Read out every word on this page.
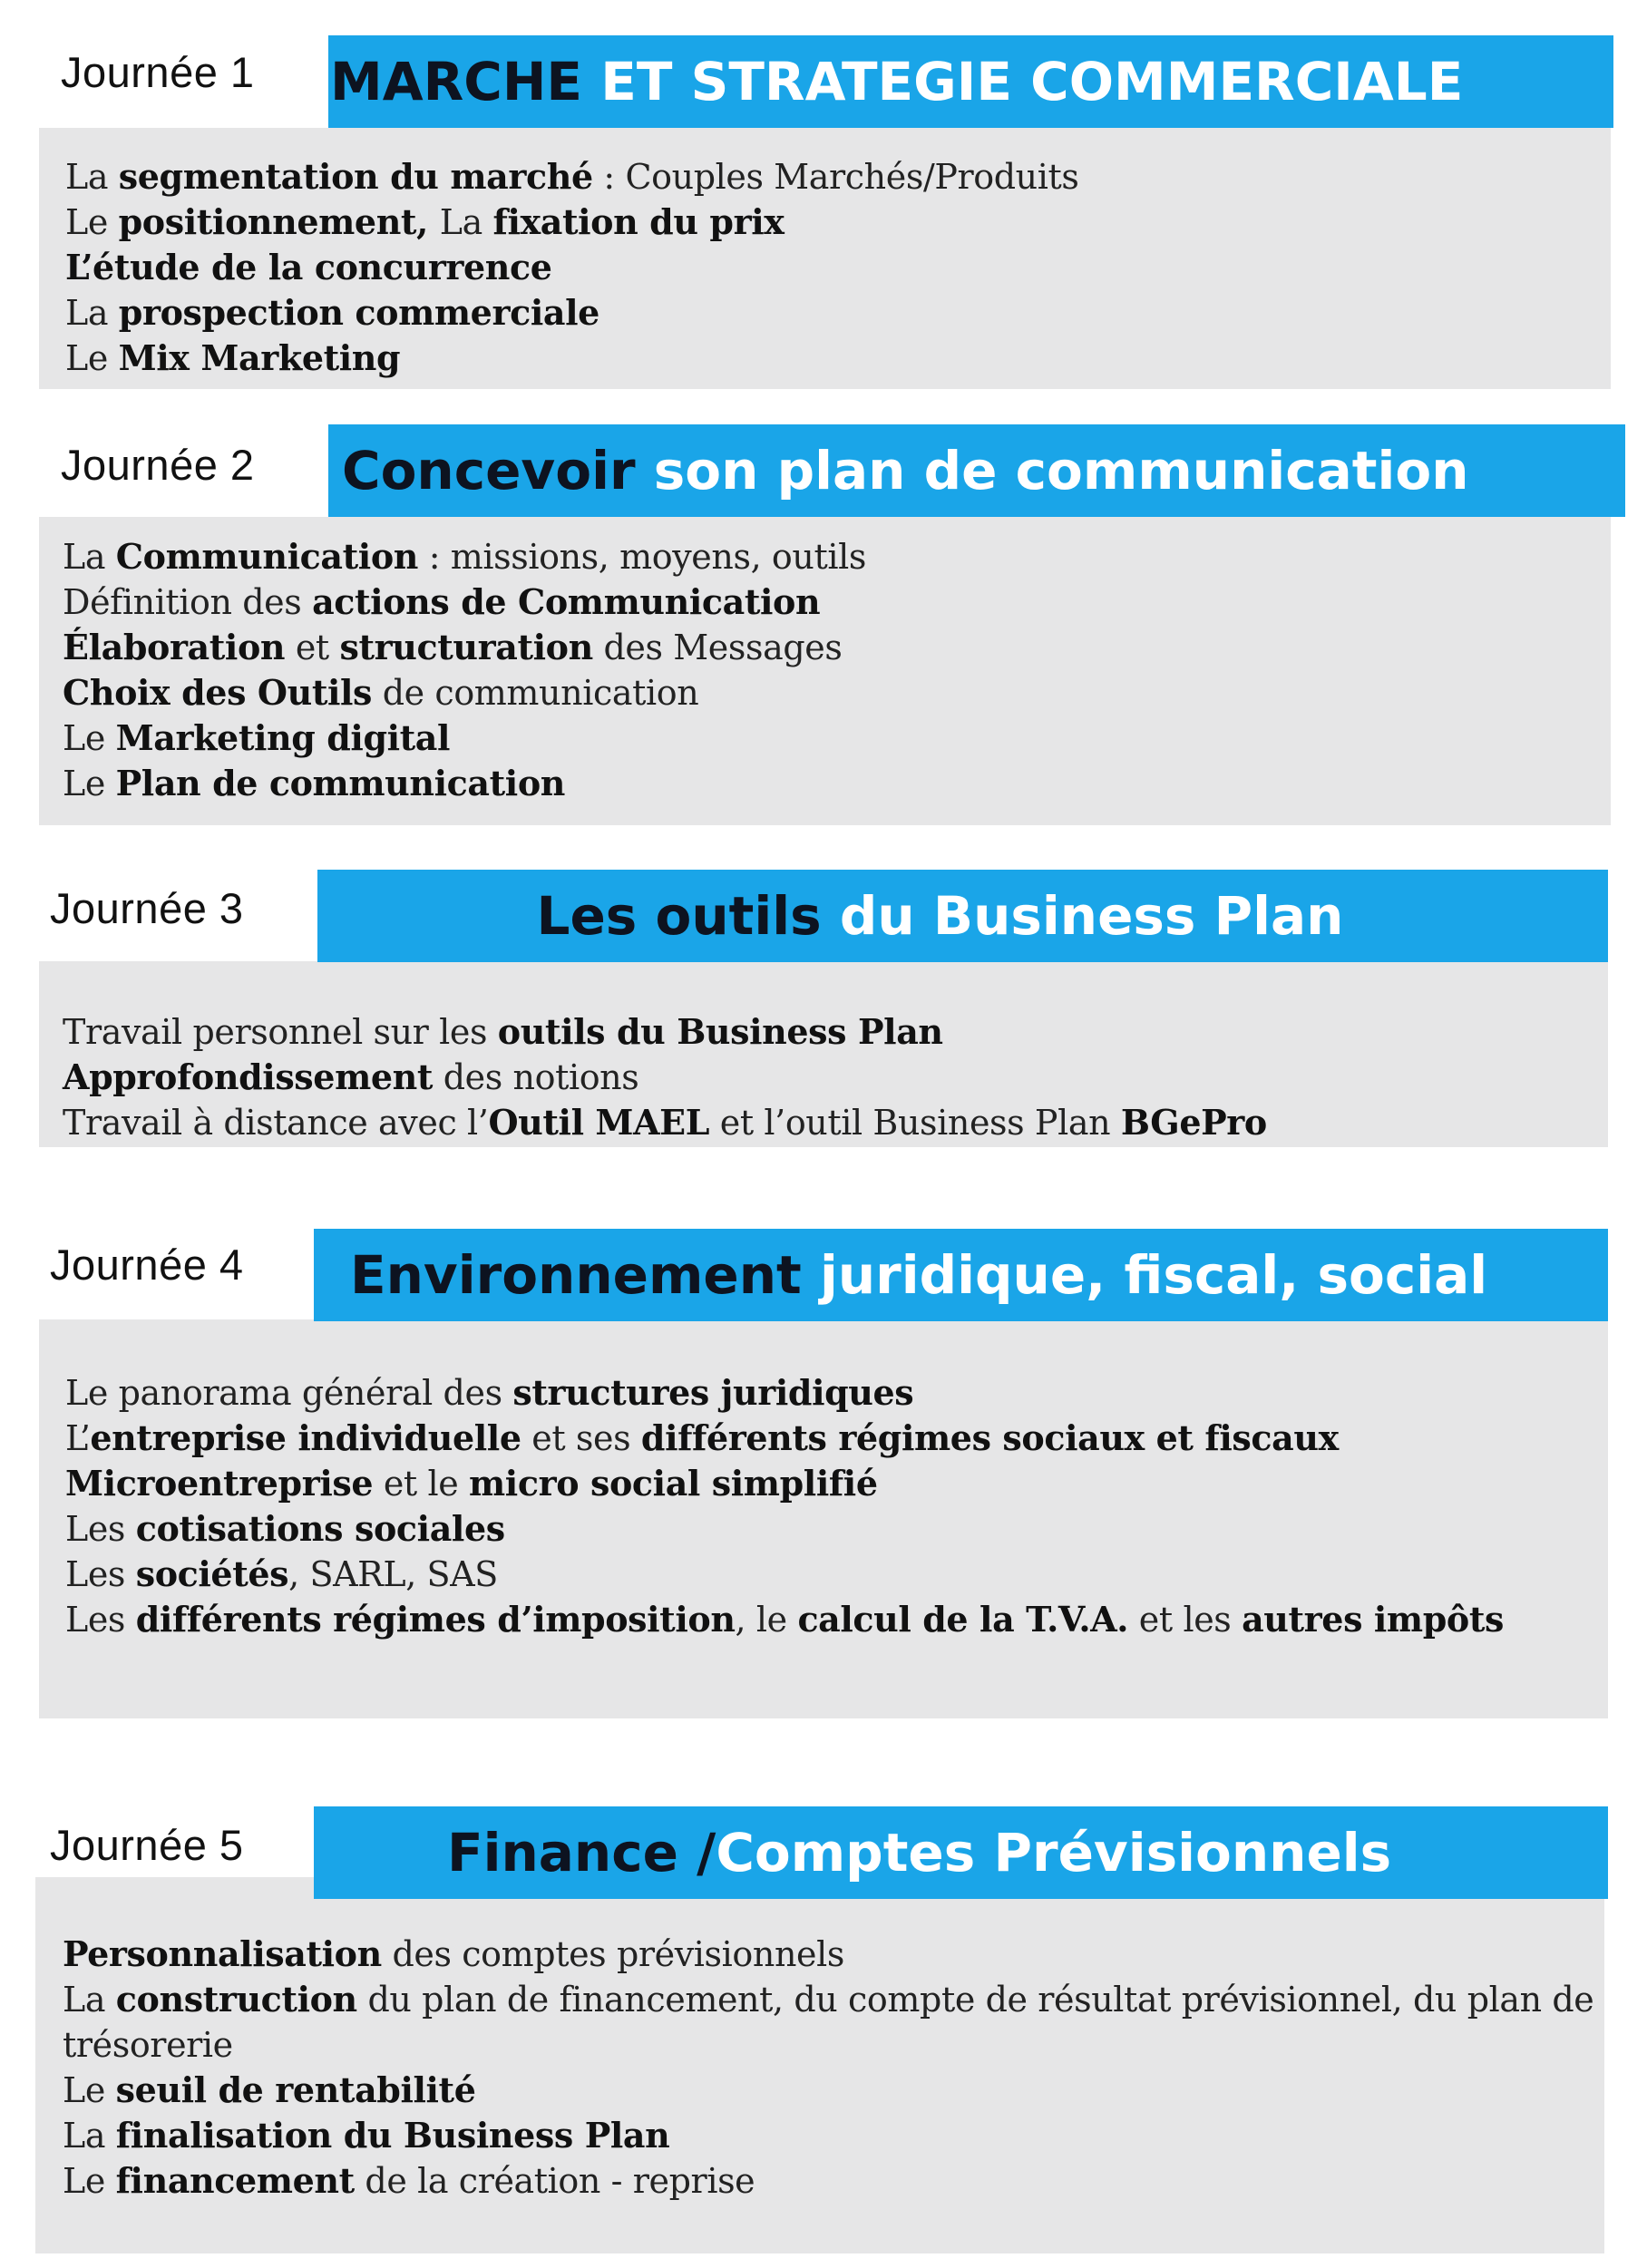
Journée 1 MARCHE ET STRATEGIE COMMERCIALE
La segmentation du marché : Couples Marchés/Produits
Le positionnement, La fixation du prix
L’étude de la concurrence
La prospection commerciale
Le Mix Marketing
Journée 2 Concevoir son plan de communication
La Communication : missions, moyens, outils
Définition des actions de Communication
Élaboration et structuration des Messages
Choix des Outils de communication
Le Marketing digital
Le Plan de communication
Journée 3	Les outils du Business Plan
Travail personnel sur les outils du Business Plan
Approfondissement des notions
Travail à distance avec l’Outil MAEL et l’outil Business Plan BGePro
Journée 4	Environnement juridique, fiscal, social
Le panorama général des structures juridiques
L’entreprise individuelle et ses différents régimes sociaux et fiscaux
Microentreprise et le micro social simplifié
Les cotisations sociales
Les sociétés, SARL, SAS
Les différents régimes d’imposition, le calcul de la T.V.A. et les autres impôts
Journée 5	Finance /Comptes Prévisionnels
Personnalisation des comptes prévisionnels
La construction du plan de financement, du compte de résultat prévisionnel, du plan de
trésorerie
Le seuil de rentabilité
La finalisation du Business Plan
Le financement de la création - reprise
